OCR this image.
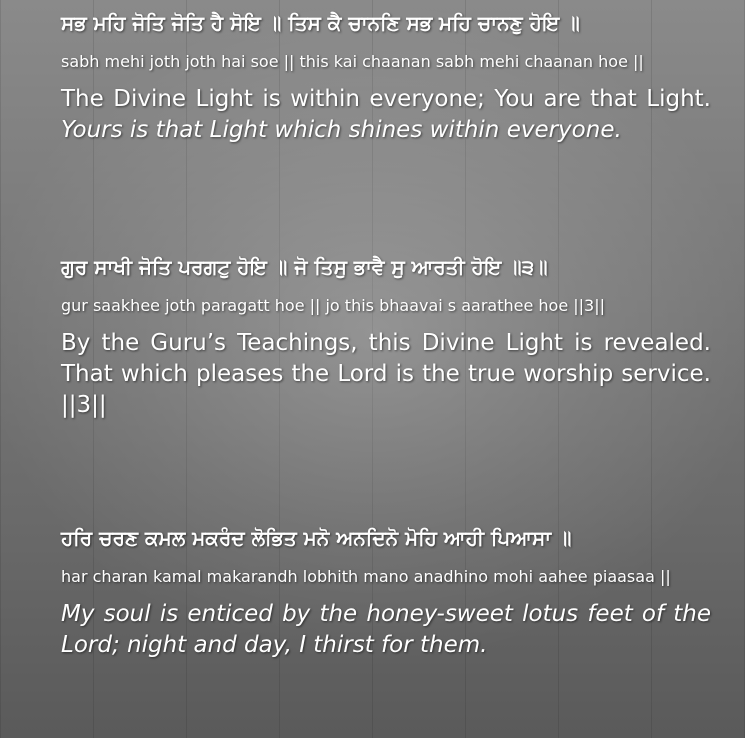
ਸਭ ਮਹਿ ਜੋਤਿ ਜੋਤਿ ਹੈ ਸੋਇ ॥ ਤਿਸ ਕੈ ਚਾਨਣਿ ਸਭ ਮਹਿ ਚਾਨਣੁ ਹੋਇ ॥
sabh mehi joth joth hai soe || this kai chaanan sabh mehi chaanan hoe ||
The Divine Light is within everyone; You are that Light. Yours is that Light which shines within everyone.
ਗੁਰ ਸਾਖੀ ਜੋਤਿ ਪਰਗਟੁ ਹੋਇ ॥ ਜੋ ਤਿਸੁ ਭਾਵੈ ਸੁ ਆਰਤੀ ਹੋਇ ॥੩॥
gur saakhee joth paragatt hoe || jo this bhaavai s aarathee hoe ||3||
By the Guru’s Teachings, this Divine Light is revealed. That which pleases the Lord is the true worship service. ||3||
ਹਰਿ ਚਰਣ ਕਮਲ ਮਕਰੰਦ ਲੋਭਿਤ ਮਨੋ ਅਨਦਿਨੋ ਮੋਹਿ ਆਹੀ ਪਿਆਸਾ ॥
har charan kamal makarandh lobhith mano anadhino mohi aahee piaasaa ||
My soul is enticed by the honey-sweet lotus feet of the Lord; night and day, I thirst for them.
